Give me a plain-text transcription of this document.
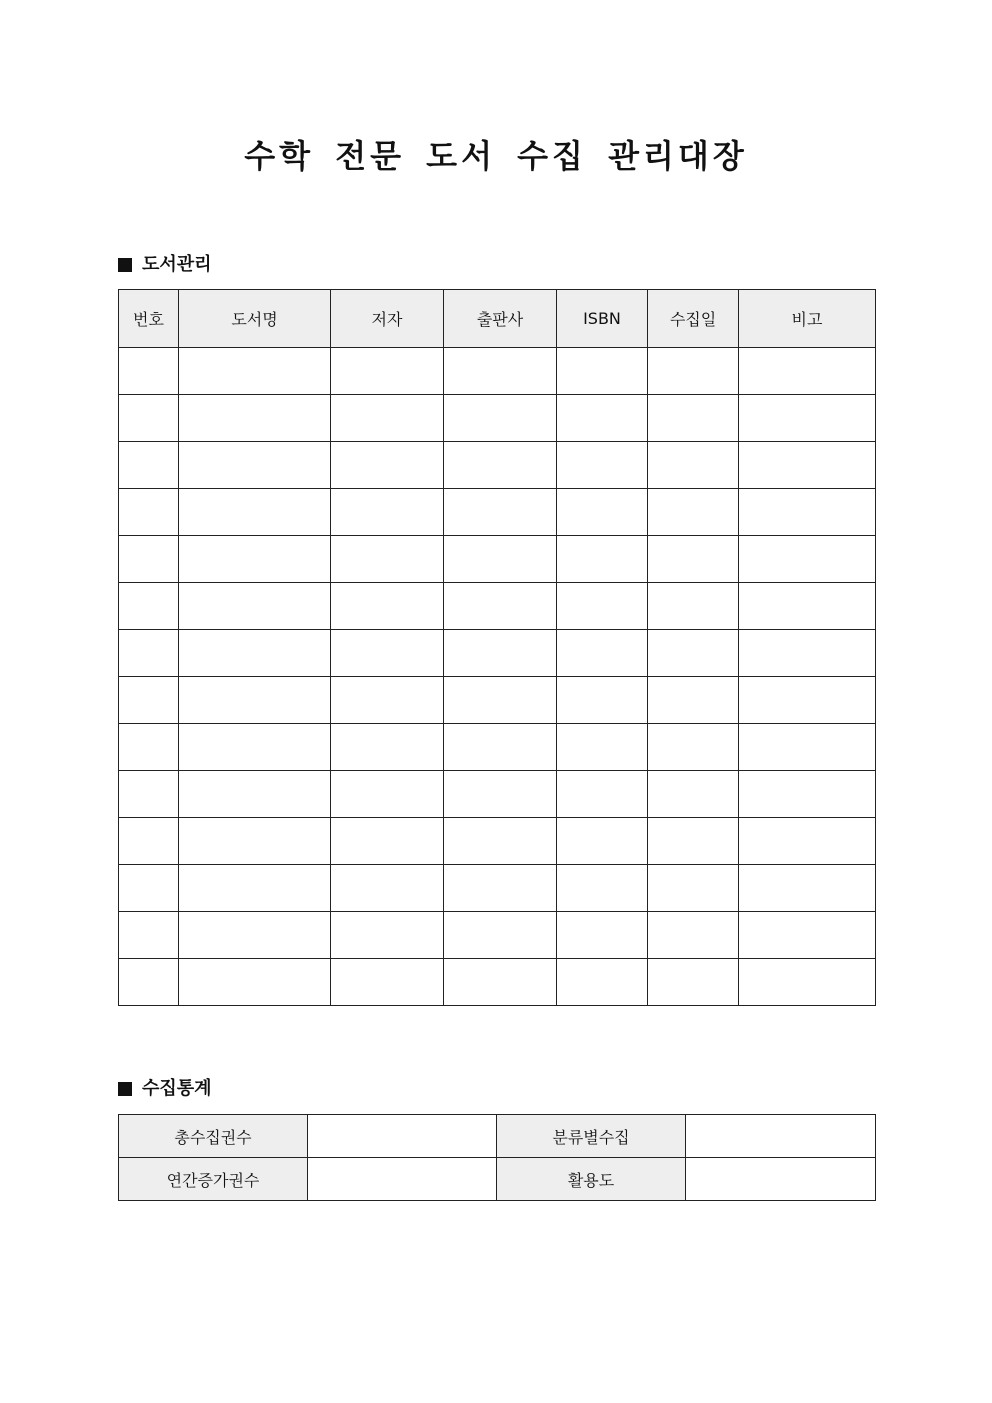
수학 전문 도서 수집 관리대장
도서관리
번호	도서명	저자	출판사	ISBN	수집일	비고

수집통계
총수집권수		분류별수집	
연간증가권수		활용도	
